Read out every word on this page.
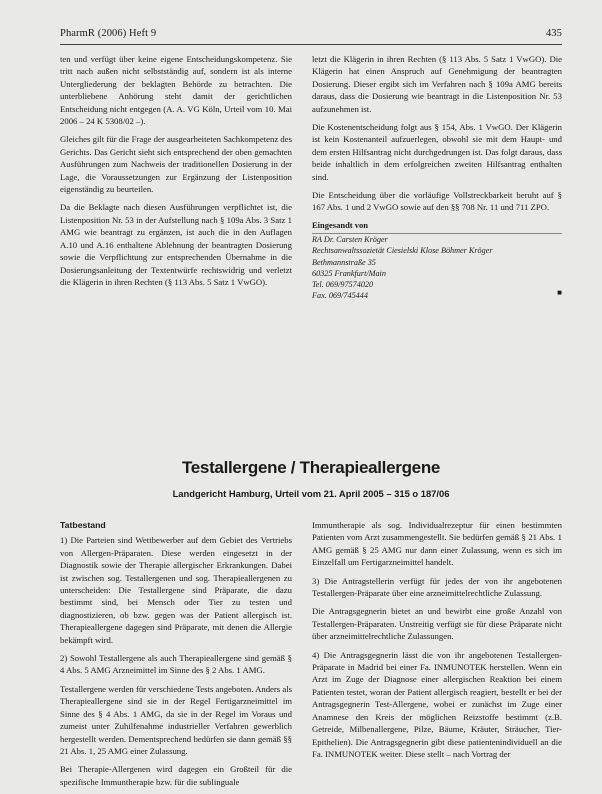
PharmR (2006) Heft 9	435

ten und verfügt über keine eigene Entscheidungskompetenz. Sie tritt nach außen nicht selbstständig auf, sondern ist als interne Untergliederung der beklagten Behörde zu betrachten. Die unterbliebene Anhörung steht damit der gerichtlichen Entscheidung nicht entgegen (A. A. VG Köln, Urteil vom 10. Mai 2006 – 24 K 5308/02 –).

Gleiches gilt für die Frage der ausgearbeiteten Sachkompetenz des Gerichts. Das Gericht sieht sich entsprechend der oben gemachten Ausführungen zum Nachweis der traditionellen Dosierung in der Lage, die Voraussetzungen zur Ergänzung der Listenposition eigenständig zu beurteilen.

Da die Beklagte nach diesen Ausführungen verpflichtet ist, die Listenposition Nr. 53 in der Aufstellung nach § 109a Abs. 3 Satz 1 AMG wie beantragt zu ergänzen, ist auch die in den Auflagen A.10 und A.16 enthaltene Ablehnung der beantragten Dosierung sowie die Verpflichtung zur entsprechenden Übernahme in die Dosierungsanleitung der Textentwürfe rechtswidrig und verletzt die Klägerin in ihren Rechten (§ 113 Abs. 5 Satz 1 VwGO).

letzt die Klägerin in ihren Rechten (§ 113 Abs. 5 Satz 1 VwGO). Die Klägerin hat einen Anspruch auf Genehmigung der beantragten Dosierung. Dieser ergibt sich im Verfahren nach § 109a AMG bereits daraus, dass die Dosierung wie beantragt in die Listenposition Nr. 53 aufzunehmen ist.

Die Kostenentscheidung folgt aus § 154, Abs. 1 VwGO. Der Klägerin ist kein Kostenanteil aufzuerlegen, obwohl sie mit dem Haupt- und dem ersten Hilfsantrag nicht durchgedrungen ist. Das folgt daraus, dass beide inhaltlich in dem erfolgreichen zweiten Hilfsantrag enthalten sind.

Die Entscheidung über die vorläufige Vollstreckbarkeit beruht auf § 167 Abs. 1 und 2 VwGO sowie auf den §§ 708 Nr. 11 und 711 ZPO.

Eingesandt von
RA Dr. Carsten Kröger
Rechtsanwaltssozietät Ciesielski Klose Böhmer Kröger
Bethmannstraße 35
60325 Frankfurt/Main
Tel. 069/97574020
Fax. 069/745444	■
Testallergene / Therapieallergene
Landgericht Hamburg, Urteil vom 21. April 2005 – 315 o 187/06
Tatbestand

1) Die Parteien sind Wettbewerber auf dem Gebiet des Vertriebs von Allergen-Präparaten. Diese werden eingesetzt in der Diagnostik sowie der Therapie allergischer Erkrankungen. Dabei ist zwischen sog. Testallergenen und sog. Therapieallergenen zu unterscheiden: Die Testallergene sind Präparate, die dazu bestimmt sind, bei Mensch oder Tier zu testen und diagnostizieren, ob bzw. gegen was der Patient allergisch ist. Therapieallergene dagegen sind Präparate, mit denen die Allergie bekämpft wird.

2) Sowohl Testallergene als auch Therapieallergene sind gemäß § 4 Abs. 5 AMG Arzneimittel im Sinne des § 2 Abs. 1 AMG.

Testallergene werden für verschiedene Tests angeboten. Anders als Therapieallergene sind sie in der Regel Fertigarzneimittel im Sinne des § 4 Abs. 1 AMG, da sie in der Regel im Voraus und zumeist unter Zuhilfenahme industrieller Verfahren gewerblich hergestellt werden. Dementsprechend bedürfen sie dann gemäß §§ 21 Abs. 1, 25 AMG einer Zulassung.

Bei Therapie-Allergenen wird dagegen ein Großteil für die spezifische Immuntherapie bzw. für die sublinguale

Immuntherapie als sog. Individualrezeptur für einen bestimmten Patienten vom Arzt zusammengestellt. Sie bedürfen gemäß § 21 Abs. 1 AMG gemäß § 25 AMG nur dann einer Zulassung, wenn es sich im Einzelfall um Fertigarzneimittel handelt.

3) Die Antragstellerin verfügt für jedes der von ihr angebotenen Testallergen-Präparate über eine arzneimittelrechtliche Zulassung.

Die Antragsgegnerin bietet an und bewirbt eine große Anzahl von Testallergen-Präparaten. Unstreitig verfügt sie für diese Präparate nicht über arzneimittelrechtliche Zulassungen.

4) Die Antragsgegnerin lässt die von ihr angebotenen Testallergen-Präparate in Madrid bei einer Fa. INMUNOTEK herstellen. Wenn ein Arzt im Zuge der Diagnose einer allergischen Reaktion bei einem Patienten testet, woran der Patient allergisch reagiert, bestellt er bei der Antragsgegnerin Test-Allergene, wobei er zunächst im Zuge einer Anamnese den Kreis der möglichen Reizstoffe bestimmt (z.B. Getreide, Milbenallergene, Pilze, Bäume, Kräuter, Sträucher, Tier-Epithelien). Die Antragsgegnerin gibt diese patientenindividuell an die Fa. INMUNOTEK weiter. Diese stellt – nach Vortrag der
